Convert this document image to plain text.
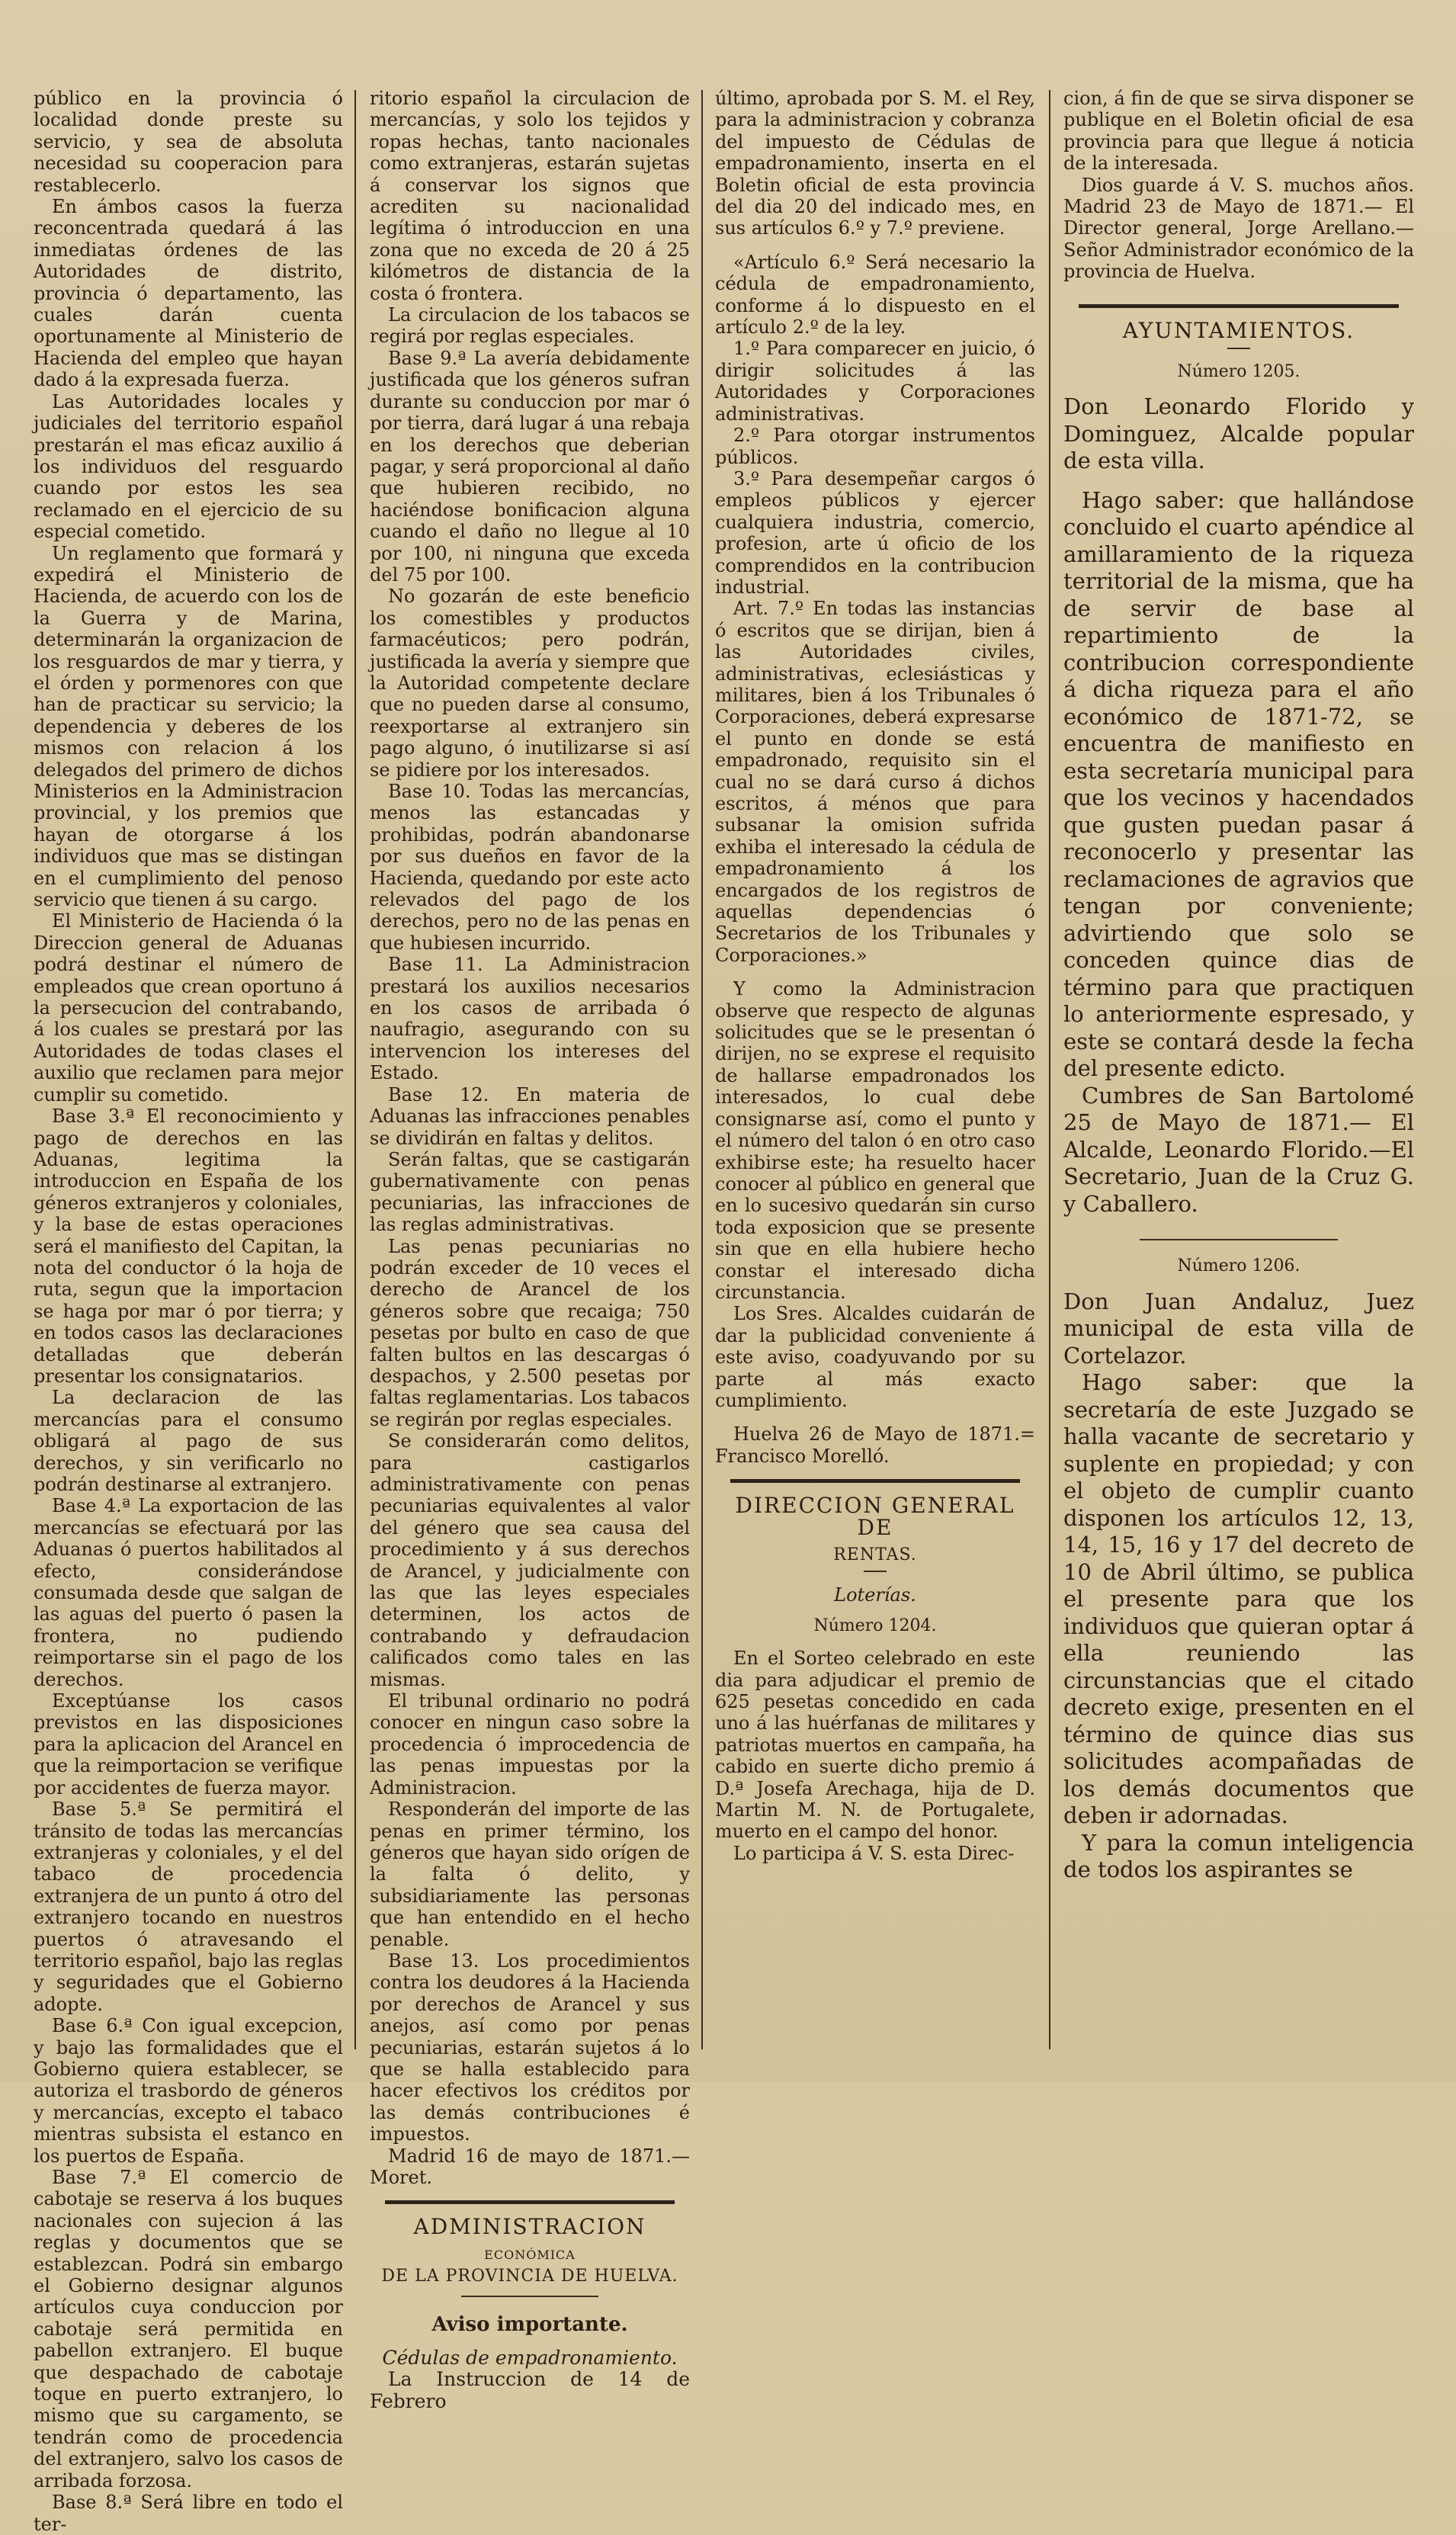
público en la provincia ó localidad donde preste su servicio, y sea de absoluta necesidad su cooperacion para restablecerlo.

En ámbos casos la fuerza reconcentrada quedará á las inmediatas órdenes de las Autoridades de distrito, provincia ó departamento, las cuales darán cuenta oportunamente al Ministerio de Hacienda del empleo que hayan dado á la expresada fuerza.

Las Autoridades locales y judiciales del territorio español prestarán el mas eficaz auxilio á los individuos del resguardo cuando por estos les sea reclamado en el ejercicio de su especial cometido.

Un reglamento que formará y expedirá el Ministerio de Hacienda, de acuerdo con los de la Guerra y de Marina, determinarán la organizacion de los resguardos de mar y tierra, y el órden y pormenores con que han de practicar su servicio; la dependencia y deberes de los mismos con relacion á los delegados del primero de dichos Ministerios en la Administracion provincial, y los premios que hayan de otorgarse á los individuos que mas se distingan en el cumplimiento del penoso servicio que tienen á su cargo.

El Ministerio de Hacienda ó la Direccion general de Aduanas podrá destinar el número de empleados que crean oportuno á la persecucion del contrabando, á los cuales se prestará por las Autoridades de todas clases el auxilio que reclamen para mejor cumplir su cometido.

Base 3.ª El reconocimiento y pago de derechos en las Aduanas, legitima la introduccion en España de los géneros extranjeros y coloniales, y la base de estas operaciones será el manifiesto del Capitan, la nota del conductor ó la hoja de ruta, segun que la importacion se haga por mar ó por tierra; y en todos casos las declaraciones detalladas que deberán presentar los consignatarios.

La declaracion de las mercancías para el consumo obligará al pago de sus derechos, y sin verificarlo no podrán destinarse al extranjero.

Base 4.ª La exportacion de las mercancías se efectuará por las Aduanas ó puertos habilitados al efecto, considerándose consumada desde que salgan de las aguas del puerto ó pasen la frontera, no pudiendo reimportarse sin el pago de los derechos.

Exceptúanse los casos previstos en las disposiciones para la aplicacion del Arancel en que la reimportacion se verifique por accidentes de fuerza mayor.

Base 5.ª Se permitirá el tránsito de todas las mercancías extranjeras y coloniales, y el del tabaco de procedencia extranjera de un punto á otro del extranjero tocando en nuestros puertos ó atravesando el territorio español, bajo las reglas y seguridades que el Gobierno adopte.

Base 6.ª Con igual excepcion, y bajo las formalidades que el Gobierno quiera establecer, se autoriza el trasbordo de géneros y mercancías, excepto el tabaco mientras subsista el estanco en los puertos de España.

Base 7.ª El comercio de cabotaje se reserva á los buques nacionales con sujecion á las reglas y documentos que se establezcan. Podrá sin embargo el Gobierno designar algunos artículos cuya conduccion por cabotaje será permitida en pabellon extranjero. El buque que despachado de cabotaje toque en puerto extranjero, lo mismo que su cargamento, se tendrán como de procedencia del extranjero, salvo los casos de arribada forzosa.

Base 8.ª Será libre en todo el ter-

ritorio español la circulacion de mercancías, y solo los tejidos y ropas hechas, tanto nacionales como extranjeras, estarán sujetas á conservar los signos que acrediten su nacionalidad legítima ó introduccion en una zona que no exceda de 20 á 25 kilómetros de distancia de la costa ó frontera.

La circulacion de los tabacos se regirá por reglas especiales.

Base 9.ª La avería debidamente justificada que los géneros sufran durante su conduccion por mar ó por tierra, dará lugar á una rebaja en los derechos que deberian pagar, y será proporcional al daño que hubieren recibido, no haciéndose bonificacion alguna cuando el daño no llegue al 10 por 100, ni ninguna que exceda del 75 por 100.

No gozarán de este beneficio los comestibles y productos farmacéuticos; pero podrán, justificada la avería y siempre que la Autoridad competente declare que no pueden darse al consumo, reexportarse al extranjero sin pago alguno, ó inutilizarse si así se pidiere por los interesados.

Base 10. Todas las mercancías, menos las estancadas y prohibidas, podrán abandonarse por sus dueños en favor de la Hacienda, quedando por este acto relevados del pago de los derechos, pero no de las penas en que hubiesen incurrido.

Base 11. La Administracion prestará los auxilios necesarios en los casos de arribada ó naufragio, asegurando con su intervencion los intereses del Estado.

Base 12. En materia de Aduanas las infracciones penables se dividirán en faltas y delitos.

Serán faltas, que se castigarán gubernativamente con penas pecuniarias, las infracciones de las reglas administrativas.

Las penas pecuniarias no podrán exceder de 10 veces el derecho de Arancel de los géneros sobre que recaiga; 750 pesetas por bulto en caso de que falten bultos en las descargas ó despachos, y 2.500 pesetas por faltas reglamentarias. Los tabacos se regirán por reglas especiales.

Se considerarán como delitos, para castigarlos administrativamente con penas pecuniarias equivalentes al valor del género que sea causa del procedimiento y á sus derechos de Arancel, y judicialmente con las que las leyes especiales determinen, los actos de contrabando y defraudacion calificados como tales en las mismas.

El tribunal ordinario no podrá conocer en ningun caso sobre la procedencia ó improcedencia de las penas impuestas por la Administracion.

Responderán del importe de las penas en primer término, los géneros que hayan sido orígen de la falta ó delito, y subsidiariamente las personas que han entendido en el hecho penable.

Base 13. Los procedimientos contra los deudores á la Hacienda por derechos de Arancel y sus anejos, así como por penas pecuniarias, estarán sujetos á lo que se halla establecido para hacer efectivos los créditos por las demás contribuciones é impuestos.

Madrid 16 de mayo de 1871.—Moret.

ADMINISTRACION
ECONÓMICA
DE LA PROVINCIA DE HUELVA.
Aviso importante.
Cédulas de empadronamiento.

La Instruccion de 14 de Febrero

último, aprobada por S. M. el Rey, para la administracion y cobranza del impuesto de Cédulas de empadronamiento, inserta en el Boletin oficial de esta provincia del dia 20 del indicado mes, en sus artículos 6.º y 7.º previene.

«Artículo 6.º Será necesario la cédula de empadronamiento, conforme á lo dispuesto en el artículo 2.º de la ley.

1.º Para comparecer en juicio, ó dirigir solicitudes á las Autoridades y Corporaciones administrativas.

2.º Para otorgar instrumentos públicos.

3.º Para desempeñar cargos ó empleos públicos y ejercer cualquiera industria, comercio, profesion, arte ú oficio de los comprendidos en la contribucion industrial.

Art. 7.º En todas las instancias ó escritos que se dirijan, bien á las Autoridades civiles, administrativas, eclesiásticas y militares, bien á los Tribunales ó Corporaciones, deberá expresarse el punto en donde se está empadronado, requisito sin el cual no se dará curso á dichos escritos, á ménos que para subsanar la omision sufrida exhiba el interesado la cédula de empadronamiento á los encargados de los registros de aquellas dependencias ó Secretarios de los Tribunales y Corporaciones.»

Y como la Administracion observe que respecto de algunas solicitudes que se le presentan ó dirijen, no se exprese el requisito de hallarse empadronados los interesados, lo cual debe consignarse así, como el punto y el número del talon ó en otro caso exhibirse este; ha resuelto hacer conocer al público en general que en lo sucesivo quedarán sin curso toda exposicion que se presente sin que en ella hubiere hecho constar el interesado dicha circunstancia.

Los Sres. Alcaldes cuidarán de dar la publicidad conveniente á este aviso, coadyuvando por su parte al más exacto cumplimiento.

Huelva 26 de Mayo de 1871.= Francisco Morelló.

DIRECCION GENERAL DE
RENTAS.
Loterías.
Número 1204.

En el Sorteo celebrado en este dia para adjudicar el premio de 625 pesetas concedido en cada uno á las huérfanas de militares y patriotas muertos en campaña, ha cabido en suerte dicho premio á D.ª Josefa Arechaga, hija de D. Martin M. N. de Portugalete, muerto en el campo del honor.

Lo participa á V. S. esta Direc-

cion, á fin de que se sirva disponer se publique en el Boletin oficial de esa provincia para que llegue á noticia de la interesada.

Dios guarde á V. S. muchos años. Madrid 23 de Mayo de 1871.— El Director general, Jorge Arellano.—Señor Administrador económico de la provincia de Huelva.

AYUNTAMIENTOS.
Número 1205.

Don Leonardo Florido y Dominguez, Alcalde popular de esta villa.

Hago saber: que hallándose concluido el cuarto apéndice al amillaramiento de la riqueza territorial de la misma, que ha de servir de base al repartimiento de la contribucion correspondiente á dicha riqueza para el año económico de 1871-72, se encuentra de manifiesto en esta secretaría municipal para que los vecinos y hacendados que gusten puedan pasar á reconocerlo y presentar las reclamaciones de agravios que tengan por conveniente; advirtiendo que solo se conceden quince dias de término para que practiquen lo anteriormente espresado, y este se contará desde la fecha del presente edicto.

Cumbres de San Bartolomé 25 de Mayo de 1871.— El Alcalde, Leonardo Florido.—El Secretario, Juan de la Cruz G. y Caballero.

Número 1206.

Don Juan Andaluz, Juez municipal de esta villa de Cortelazor.

Hago saber: que la secretaría de este Juzgado se halla vacante de secretario y suplente en propiedad; y con el objeto de cumplir cuanto disponen los artículos 12, 13, 14, 15, 16 y 17 del decreto de 10 de Abril último, se publica el presente para que los individuos que quieran optar á ella reuniendo las circunstancias que el citado decreto exige, presenten en el término de quince dias sus solicitudes acompañadas de los demás documentos que deben ir adornadas.

Y para la comun inteligencia de todos los aspirantes se
